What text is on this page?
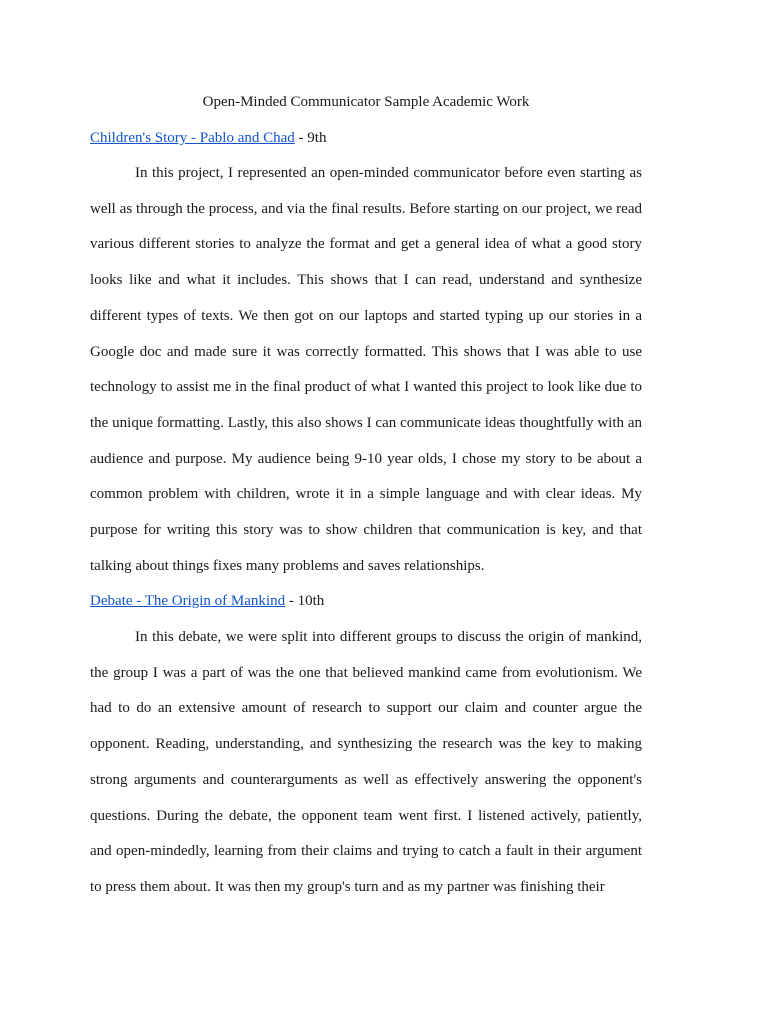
Open-Minded Communicator Sample Academic Work
Children's Story - Pablo and Chad - 9th

In this project, I represented an open-minded communicator before even starting as well as through the process, and via the final results. Before starting on our project, we read various different stories to analyze the format and get a general idea of what a good story looks like and what it includes. This shows that I can read, understand and synthesize different types of texts. We then got on our laptops and started typing up our stories in a Google doc and made sure it was correctly formatted. This shows that I was able to use technology to assist me in the final product of what I wanted this project to look like due to the unique formatting. Lastly, this also shows I can communicate ideas thoughtfully with an audience and purpose. My audience being 9-10 year olds, I chose my story to be about a common problem with children, wrote it in a simple language and with clear ideas. My purpose for writing this story was to show children that communication is key, and that talking about things fixes many problems and saves relationships.

Debate - The Origin of Mankind - 10th

In this debate, we were split into different groups to discuss the origin of mankind, the group I was a part of was the one that believed mankind came from evolutionism. We had to do an extensive amount of research to support our claim and counter argue the opponent. Reading, understanding, and synthesizing the research was the key to making strong arguments and counterarguments as well as effectively answering the opponent's questions. During the debate, the opponent team went first. I listened actively, patiently, and open-mindedly, learning from their claims and trying to catch a fault in their argument to press them about. It was then my group's turn and as my partner was finishing their
